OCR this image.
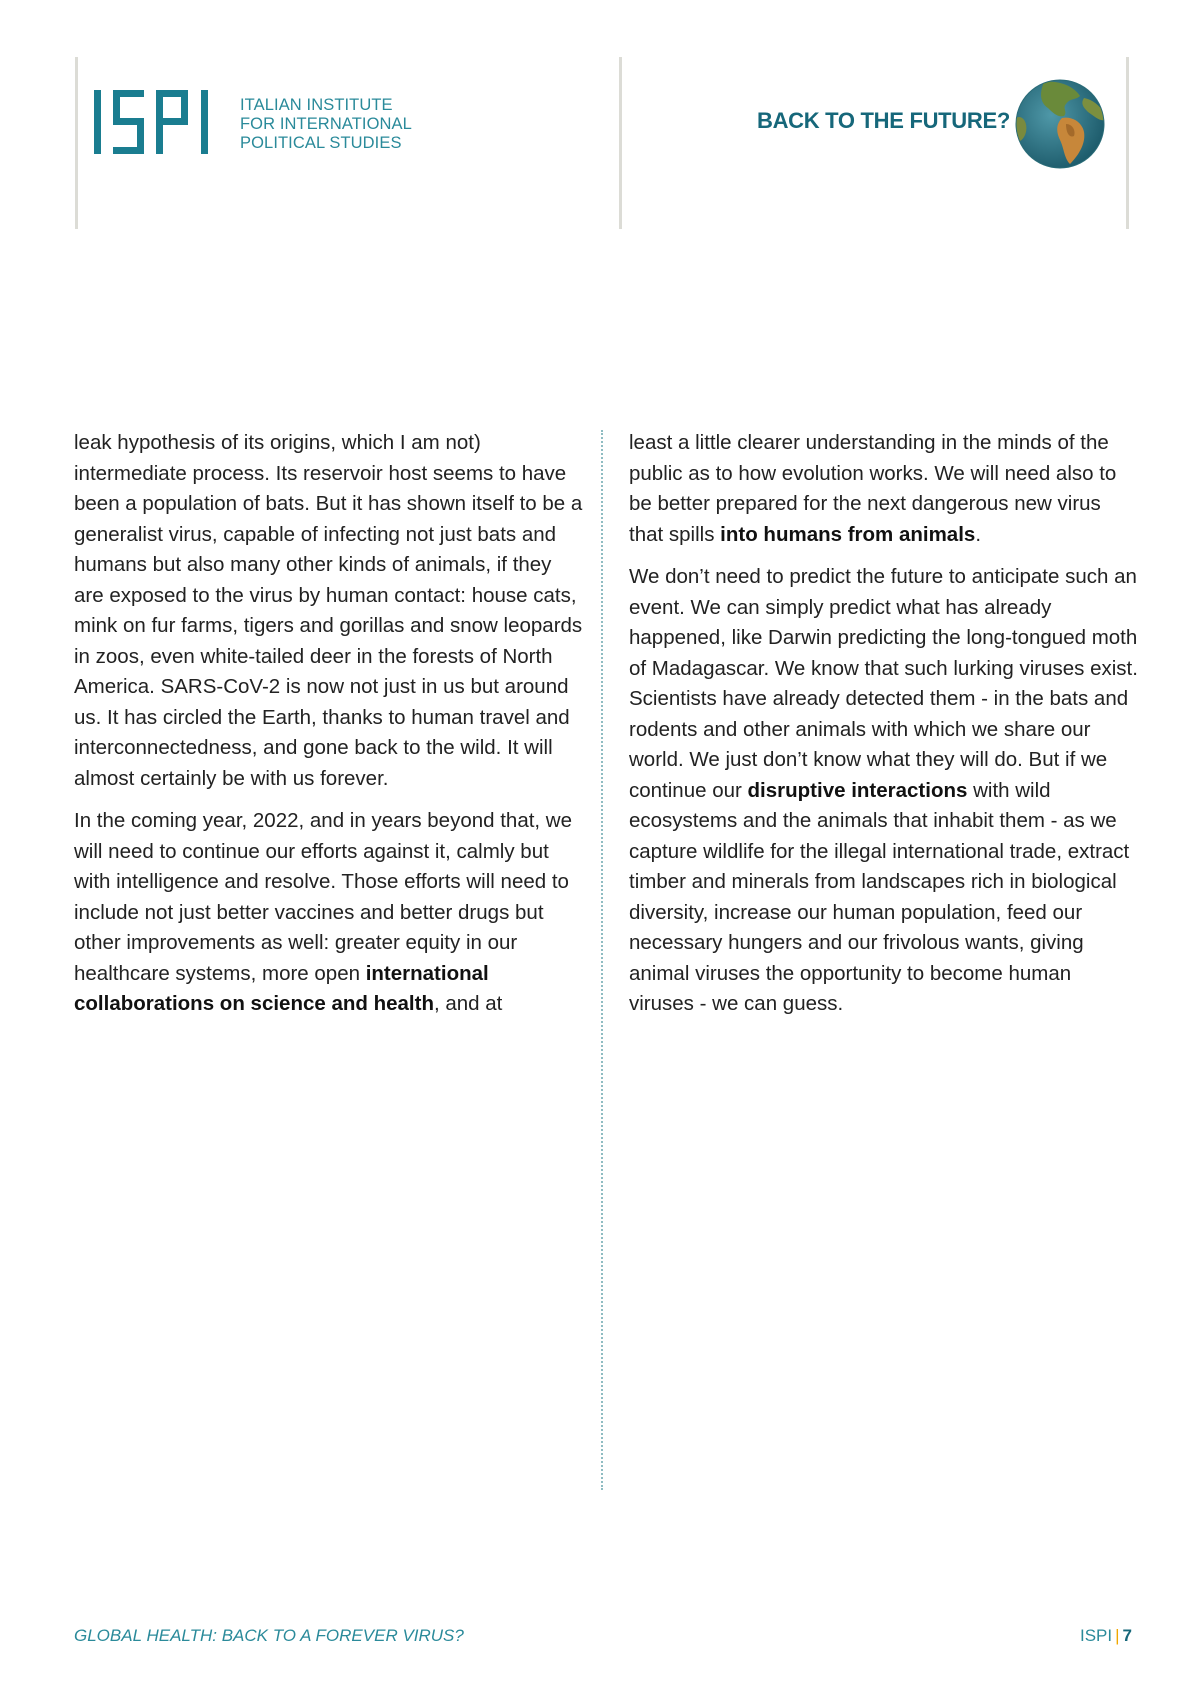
ITALIAN INSTITUTE
FOR INTERNATIONAL
POLITICAL STUDIES
BACK TO THE FUTURE?

leak hypothesis of its origins, which I am not) intermediate process. Its reservoir host seems to have been a population of bats. But it has shown itself to be a generalist virus, capable of infecting not just bats and humans but also many other kinds of animals, if they are exposed to the virus by human contact: house cats, mink on fur farms, tigers and gorillas and snow leopards in zoos, even white-tailed deer in the forests of North America. SARS-CoV-2 is now not just in us but around us. It has circled the Earth, thanks to human travel and interconnectedness, and gone back to the wild. It will almost certainly be with us forever.

In the coming year, 2022, and in years beyond that, we will need to continue our efforts against it, calmly but with intelligence and resolve. Those efforts will need to include not just better vaccines and better drugs but other improvements as well: greater equity in our healthcare systems, more open international collaborations on science and health, and at

least a little clearer understanding in the minds of the public as to how evolution works. We will need also to be better prepared for the next dangerous new virus that spills into humans from animals.

We don’t need to predict the future to anticipate such an event. We can simply predict what has already happened, like Darwin predicting the long-tongued moth of Madagascar. We know that such lurking viruses exist. Scientists have already detected them - in the bats and rodents and other animals with which we share our world. We just don’t know what they will do. But if we continue our disruptive interactions with wild ecosystems and the animals that inhabit them - as we capture wildlife for the illegal international trade, extract timber and minerals from landscapes rich in biological diversity, increase our human population, feed our necessary hungers and our frivolous wants, giving animal viruses the opportunity to become human viruses - we can guess.

GLOBAL HEALTH: BACK TO A FOREVER VIRUS?	ISPI | 7
